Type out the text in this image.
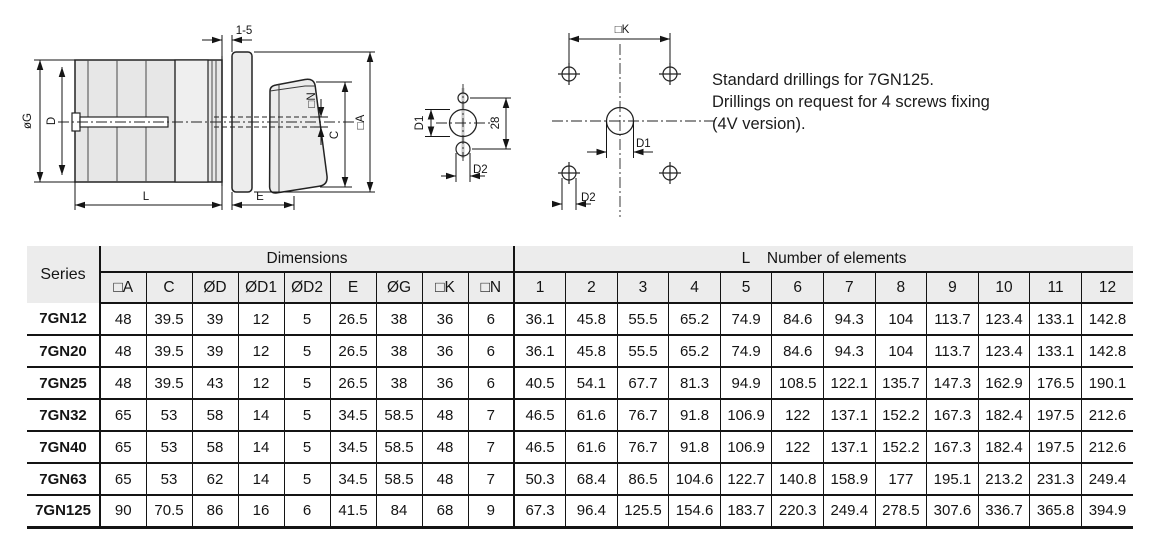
øG D
L	E
1-5
□A
C
□N
D1	28
D2
□K
D1
D2
Standard drillings for 7GN125.
Drillings on request for 4 screws fixing
(4V version).
Series	Dimensions									L    Number of elements											
	□A	C	ØD	ØD1	ØD2	E	ØG	□K	□N	1	2	3	4	5	6	7	8	9	10	11	12
7GN12	48	39.5	39	12	5	26.5	38	36	6	36.1	45.8	55.5	65.2	74.9	84.6	94.3	104	113.7	123.4	133.1	142.8
7GN20	48	39.5	39	12	5	26.5	38	36	6	36.1	45.8	55.5	65.2	74.9	84.6	94.3	104	113.7	123.4	133.1	142.8
7GN25	48	39.5	43	12	5	26.5	38	36	6	40.5	54.1	67.7	81.3	94.9	108.5	122.1	135.7	147.3	162.9	176.5	190.1
7GN32	65	53	58	14	5	34.5	58.5	48	7	46.5	61.6	76.7	91.8	106.9	122	137.1	152.2	167.3	182.4	197.5	212.6
7GN40	65	53	58	14	5	34.5	58.5	48	7	46.5	61.6	76.7	91.8	106.9	122	137.1	152.2	167.3	182.4	197.5	212.6
7GN63	65	53	62	14	5	34.5	58.5	48	7	50.3	68.4	86.5	104.6	122.7	140.8	158.9	177	195.1	213.2	231.3	249.4
7GN125	90	70.5	86	16	6	41.5	84	68	9	67.3	96.4	125.5	154.6	183.7	220.3	249.4	278.5	307.6	336.7	365.8	394.9
